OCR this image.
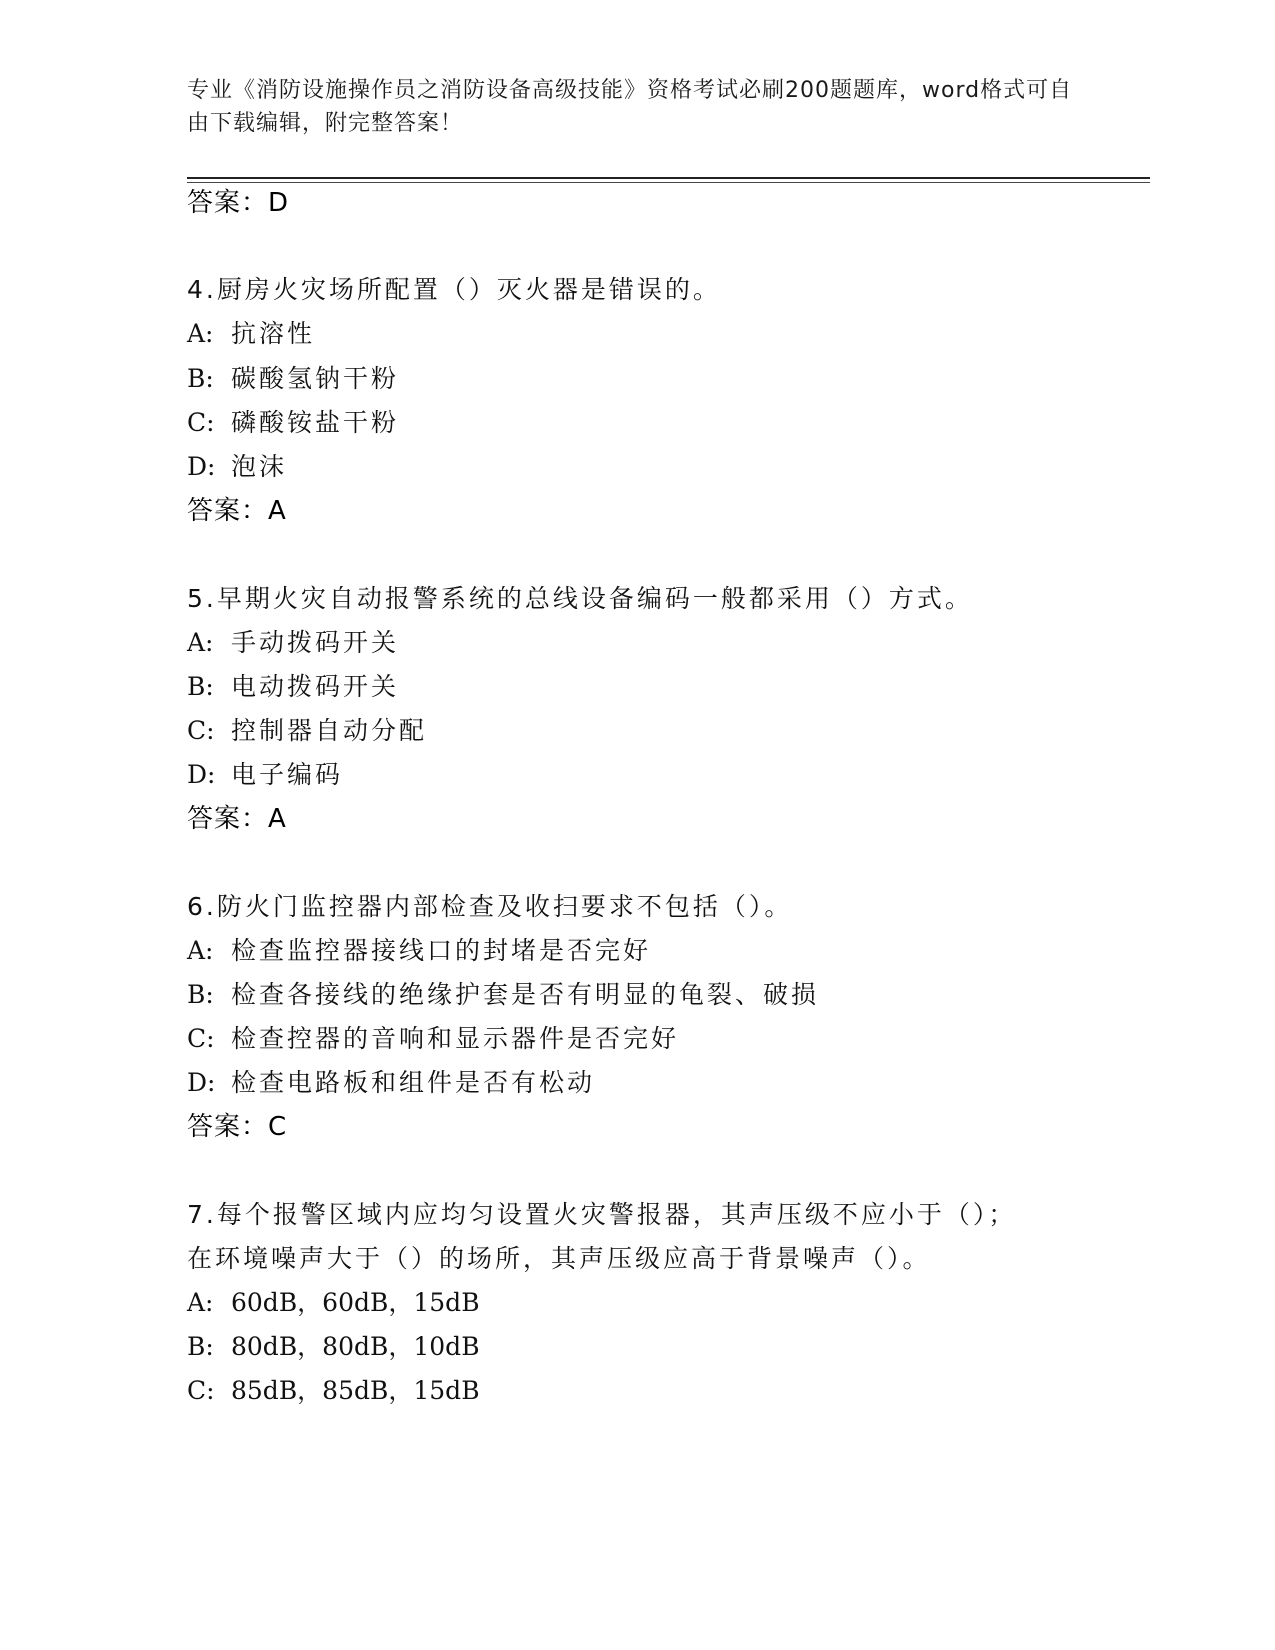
专业《消防设施操作员之消防设备高级技能》资格考试必刷200题题库，word格式可自由下载编辑，附完整答案！
答案：D
4.厨房火灾场所配置（）灭火器是错误的。
A: 抗溶性
B: 碳酸氢钠干粉
C: 磷酸铵盐干粉
D: 泡沫
答案：A
5.早期火灾自动报警系统的总线设备编码一般都采用（）方式。
A: 手动拨码开关
B: 电动拨码开关
C: 控制器自动分配
D: 电子编码
答案：A
6.防火门监控器内部检查及收扫要求不包括（）。
A: 检查监控器接线口的封堵是否完好
B: 检查各接线的绝缘护套是否有明显的龟裂、破损
C: 检查控器的音响和显示器件是否完好
D: 检查电路板和组件是否有松动
答案：C
7.每个报警区域内应均匀设置火灾警报器，其声压级不应小于（）；
在环境噪声大于（）的场所，其声压级应高于背景噪声（）。
A: 60dB，60dB，15dB
B: 80dB，80dB，10dB
C: 85dB，85dB，15dB
